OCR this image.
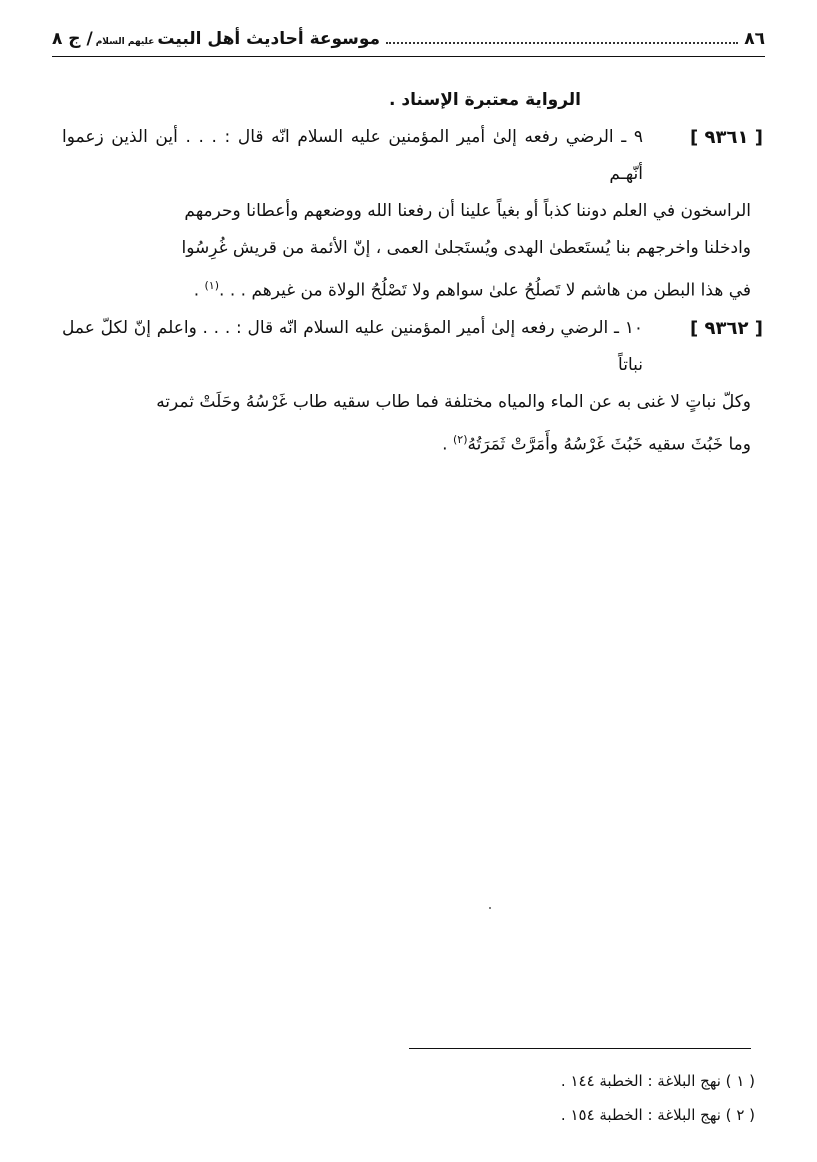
٨٦
موسوعة أحاديث أهل البيت
عليهم السلام
/ ج ٨
الرواية معتبرة الإسناد .
[ ٩٣٦١ ]
٩ ـ الرضي رفعه إلىٰ أمير المؤمنين عليه السلام انّه قال : . . . أين الذين زعموا أنّهـم
الراسخون في العلم دوننا كذباً أو بغياً علينا أن رفعنا الله ووضعهم وأعطانا وحرمهم
وادخلنا واخرجهم بنا يُستَعطىٰ الهدى ويُستَجلىٰ العمى ، إنّ الأئمة من قريش غُرِسُوا
في هذا البطن من هاشم لا تَصلُحُ علىٰ سواهم ولا تَصْلُحُ الولاة من غيرهم . . .$^{(١)}$ .
[ ٩٣٦٢ ]
١٠ ـ الرضي رفعه إلىٰ أمير المؤمنين عليه السلام انّه قال : . . . واعلم إنّ لكلّ عمل نباتاً
وكلّ نباتٍ لا غنى به عن الماء والمياه مختلفة فما طاب سقيه طاب غَرْسُهُ وحَلَتْ ثمرته
وما خَبُثَ سقيه خَبُثَ غَرْسُهُ وأَمَرَّتْ ثَمَرَتُهُ$^{(٢)}$ .
( ١ ) نهج البلاغة : الخطبة ١٤٤ .
( ٢ ) نهج البلاغة : الخطبة ١٥٤ .
